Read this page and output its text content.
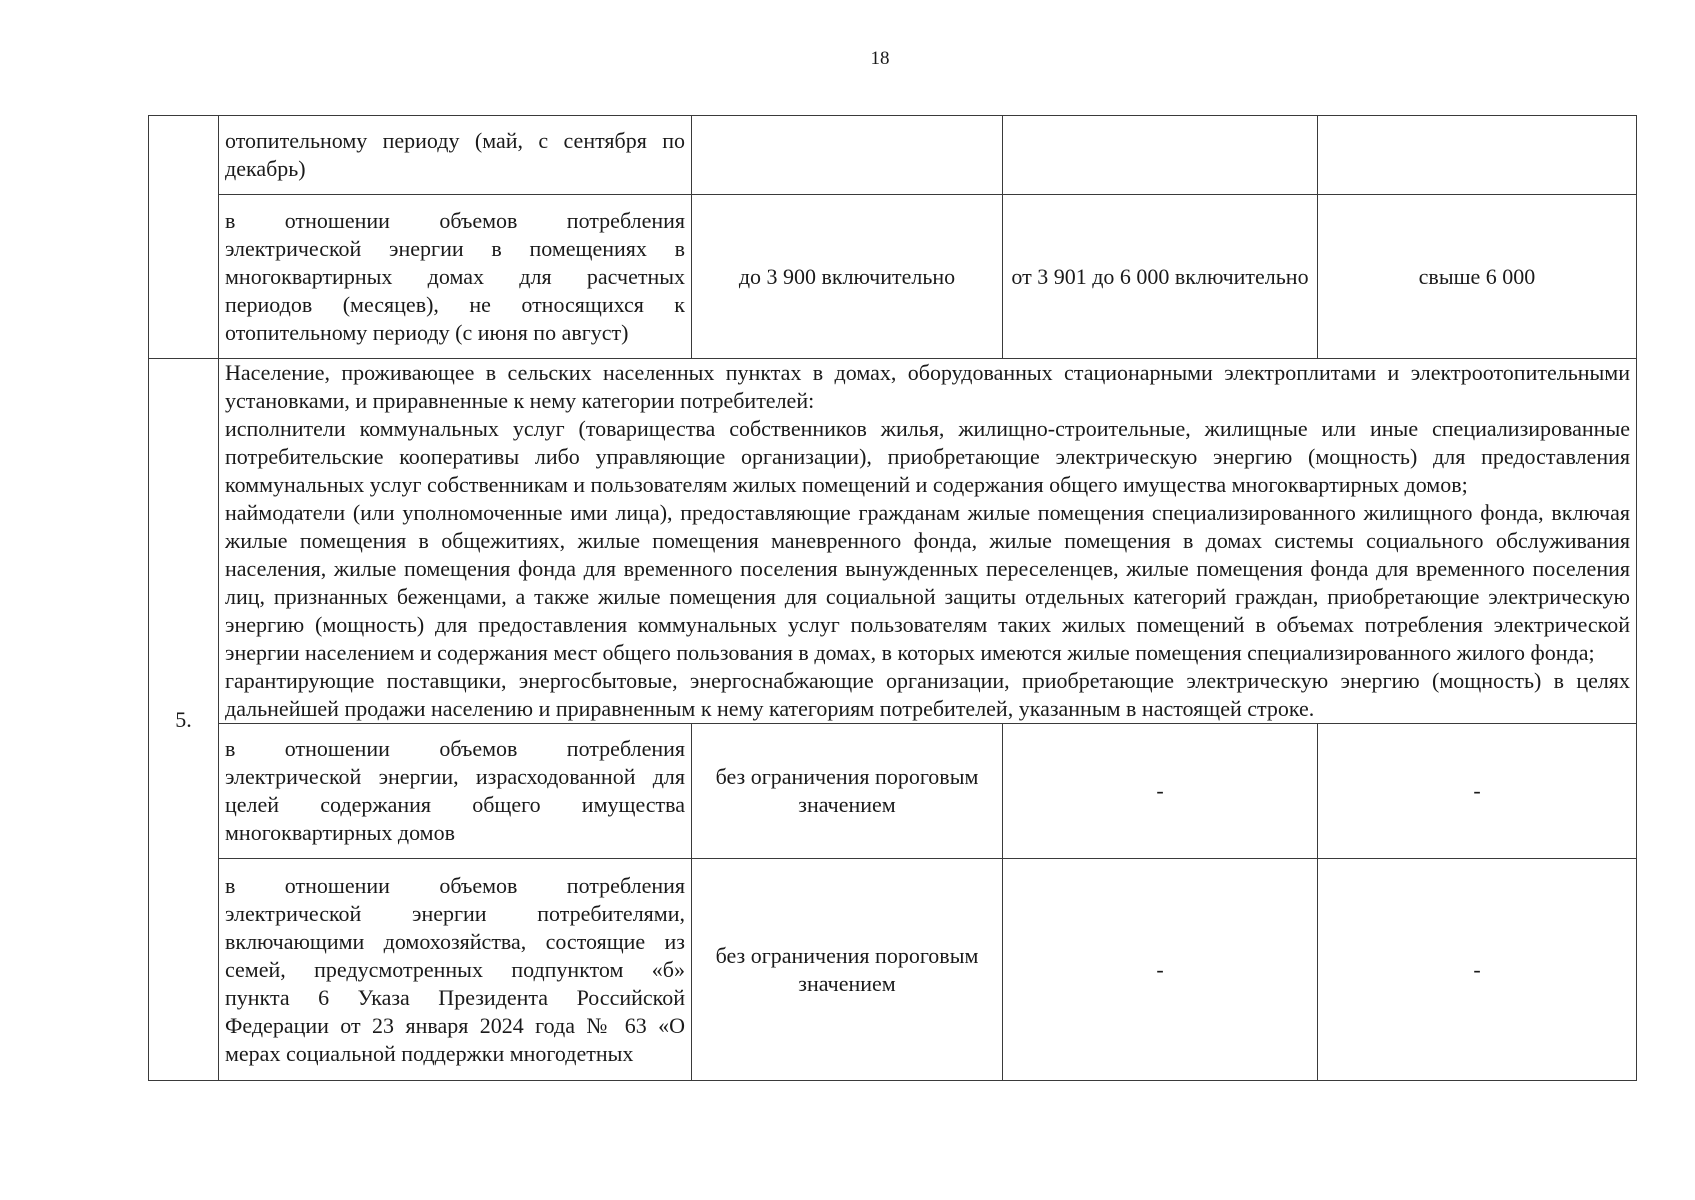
18
	отопительному периоду (май, с сентября по декабрь)			
	в отношении объемов потребления электрической энергии в помещениях в многоквартирных домах для расчетных периодов (месяцев), не относящихся к отопительному периоду (с июня по август)	до 3 900 включительно	от 3 901 до 6 000 включительно	свыше 6 000
5.	Население, проживающее в сельских населенных пунктах в домах, оборудованных стационарными электроплитами и электроотопительными установками, и приравненные к нему категории потребителей:

исполнители коммунальных услуг (товарищества собственников жилья, жилищно-строительные, жилищные или иные специализированные потребительские кооперативы либо управляющие организации), приобретающие электрическую энергию (мощность) для предоставления коммунальных услуг собственникам и пользователям жилых помещений и содержания общего имущества многоквартирных домов;

наймодатели (или уполномоченные ими лица), предоставляющие гражданам жилые помещения специализированного жилищного фонда, включая жилые помещения в общежитиях, жилые помещения маневренного фонда, жилые помещения в домах системы социального обслуживания населения, жилые помещения фонда для временного поселения вынужденных переселенцев, жилые помещения фонда для временного поселения лиц, признанных беженцами, а также жилые помещения для социальной защиты отдельных категорий граждан, приобретающие электрическую энергию (мощность) для предоставления коммунальных услуг пользователям таких жилых помещений в объемах потребления электрической энергии населением и содержания мест общего пользования в домах, в которых имеются жилые помещения специализированного жилого фонда;

гарантирующие поставщики, энергосбытовые, энергоснабжающие организации, приобретающие электрическую энергию (мощность) в целях дальнейшей продажи населению и приравненным к нему категориям потребителей, указанным в настоящей строке.			

	в отношении объемов потребления электрической энергии, израсходованной для целей содержания общего имущества многоквартирных домов	без ограничения пороговым значением	-	-
	в отношении объемов потребления электрической энергии потребителями, включающими домохозяйства, состоящие из семей, предусмотренных подпунктом «б» пункта 6 Указа Президента Российской Федерации от 23 января 2024 года № 63 «О мерах социальной поддержки многодетных	без ограничения пороговым значением	-	-
